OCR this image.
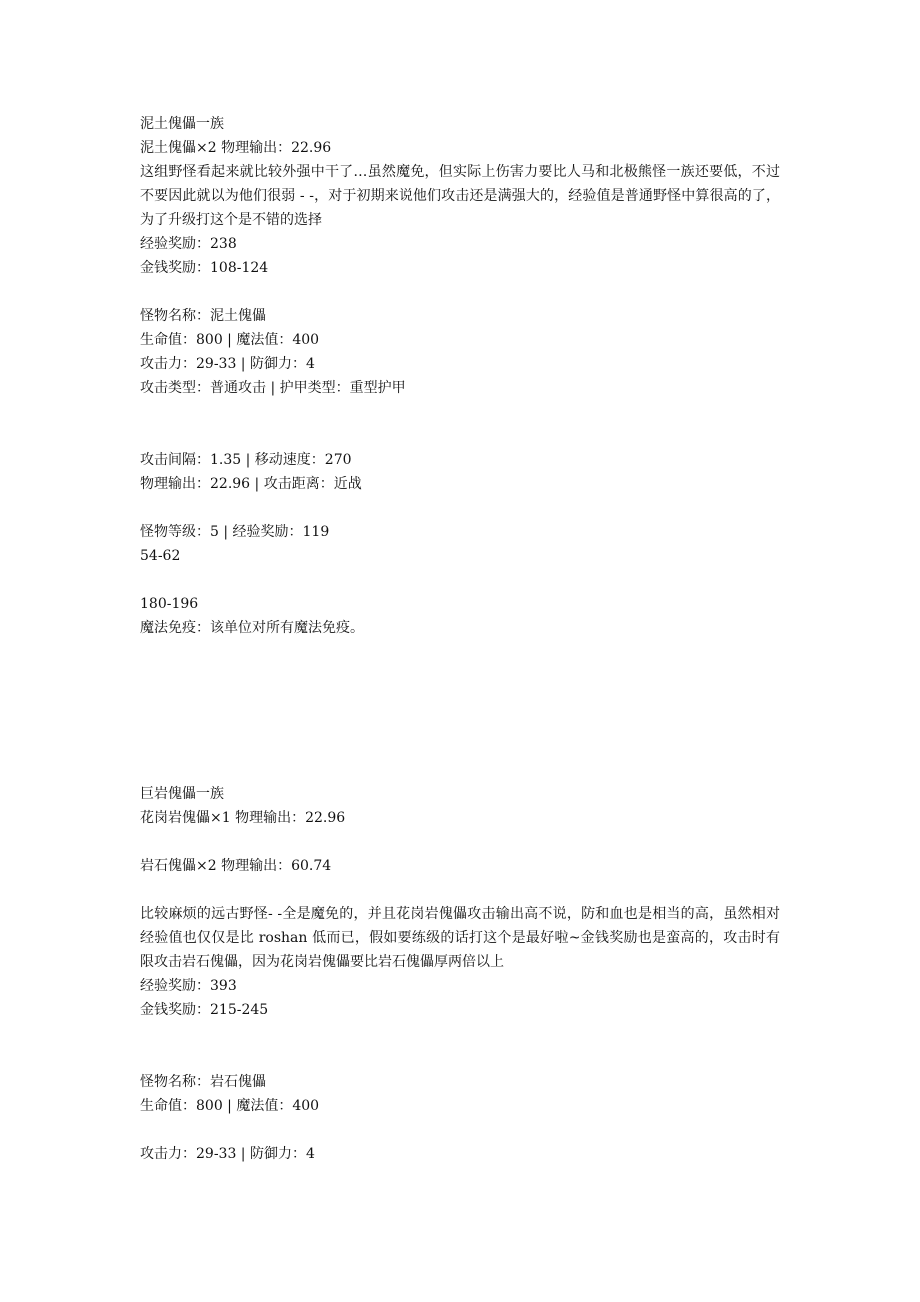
泥土傀儡一族
泥土傀儡×2 物理输出：22.96
这组野怪看起来就比较外强中干了…虽然魔免，但实际上伤害力要比人马和北极熊怪一族还要低，不过不要因此就以为他们很弱 - -，对于初期来说他们攻击还是满强大的，经验值是普通野怪中算很高的了，为了升级打这个是不错的选择
经验奖励：238
金钱奖励：108-124
怪物名称：泥土傀儡
生命值：800 | 魔法值：400
攻击力：29-33 | 防御力：4
攻击类型：普通攻击 | 护甲类型：重型护甲
攻击间隔：1.35 | 移动速度：270
物理输出：22.96 | 攻击距离：近战
怪物等级：5 | 经验奖励：119
54-62
180-196
魔法免疫：该单位对所有魔法免疫。
巨岩傀儡一族
花岗岩傀儡×1 物理输出：22.96
岩石傀儡×2 物理输出：60.74
比较麻烦的远古野怪- -全是魔免的，并且花岗岩傀儡攻击输出高不说，防和血也是相当的高，虽然相对经验值也仅仅是比 roshan 低而已，假如要练级的话打这个是最好啦~金钱奖励也是蛮高的，攻击时有限攻击岩石傀儡，因为花岗岩傀儡要比岩石傀儡厚两倍以上
经验奖励：393
金钱奖励：215-245
怪物名称：岩石傀儡
生命值：800 | 魔法值：400
攻击力：29-33 | 防御力：4
